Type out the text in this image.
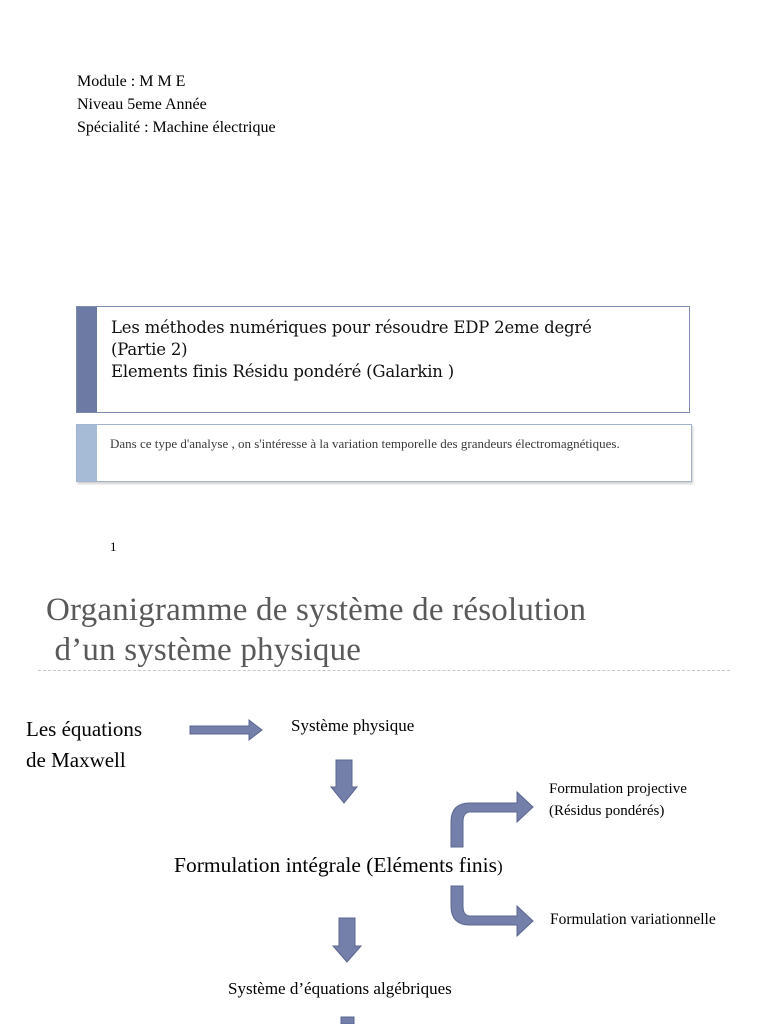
Module : M M E
Niveau 5eme Année
Spécialité : Machine électrique
Les méthodes numériques pour résoudre EDP 2eme degré
(Partie 2)
Elements finis Résidu pondéré (Galarkin )
Dans ce type d'analyse , on s'intéresse à la variation temporelle des grandeurs électromagnétiques.
1
Organigramme de système de résolution
d’un système physique
Les équations
de Maxwell
Système physique
Formulation projective
(Résidus pondérés)
Formulation intégrale (Eléments finis)
Formulation variationnelle
Système d’équations algébriques
